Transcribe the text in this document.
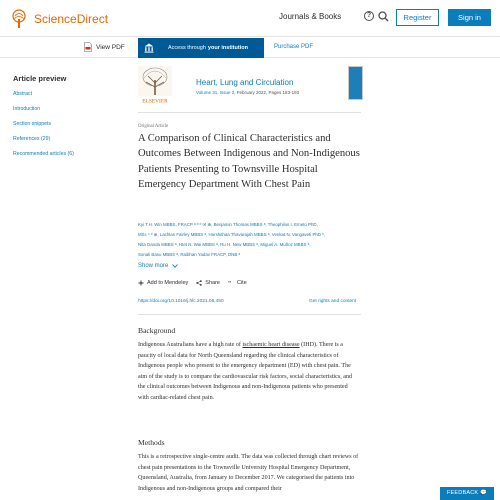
ScienceDirect	Journals & Books	?	Register	Sign in
View PDF	Access through your institution	Purchase PDF
Article preview
Abstract
Introduction
Section snippets
References (29)
Recommended articles (6)
ELSEVIER
Heart, Lung and Circulation
Volume 31, Issue 2, February 2022, Pages 183-193
Original Article
A Comparison of Clinical Characteristics and Outcomes Between Indigenous and Non-Indigenous Patients Presenting to Townsville Hospital Emergency Department With Chest Pain
Kyi T.H. Win MBBS, FRACP ᵃ ᵇ ᵈ ✉ ⊕, Benjamin Thomas MBBS ᵃ, Theophilus I. Emeto PhD,
MSc ᶜ ᵈ ⊕, Lachlan Fairley MBBS ᵃ, Harshithaa Thavarajah MBBS ᵃ, Venkat N. Vangaveti PhD ᵇ,
Nita Danda MBBS ᵃ, Htet N. Wai MBBS ᵃ, Ru H. New MBBS ᵃ, Miguel A. Muñoz MBBS ᵃ,
Sonali Basu MBBS ᵃ, Raibhan Yadav FRACP, DNB ᵃ
Show more
Add to Mendeley	Share ” Cite
https://doi.org/10.1016/j.hlc.2021.06.450	Get rights and content
Background

Indigenous Australians have a high rate of ischaemic heart disease (IHD). There is a paucity of local data for North Queensland regarding the clinical characteristics of Indigenous people who present to the emergency department (ED) with chest pain. The aim of the study is to compare the cardiovascular risk factors, social characteristics, and the clinical outcomes between Indigenous and non-Indigenous patients who presented with cardiac-related chest pain.

Methods

This is a retrospective single-centre audit. The data was collected through chart reviews of chest pain presentations to the Townsville University Hospital Emergency Department, Queensland, Australia, from January to December 2017. We categorised the patients into Indigenous and non-Indigenous groups and compared their

FEEDBACK 💬
